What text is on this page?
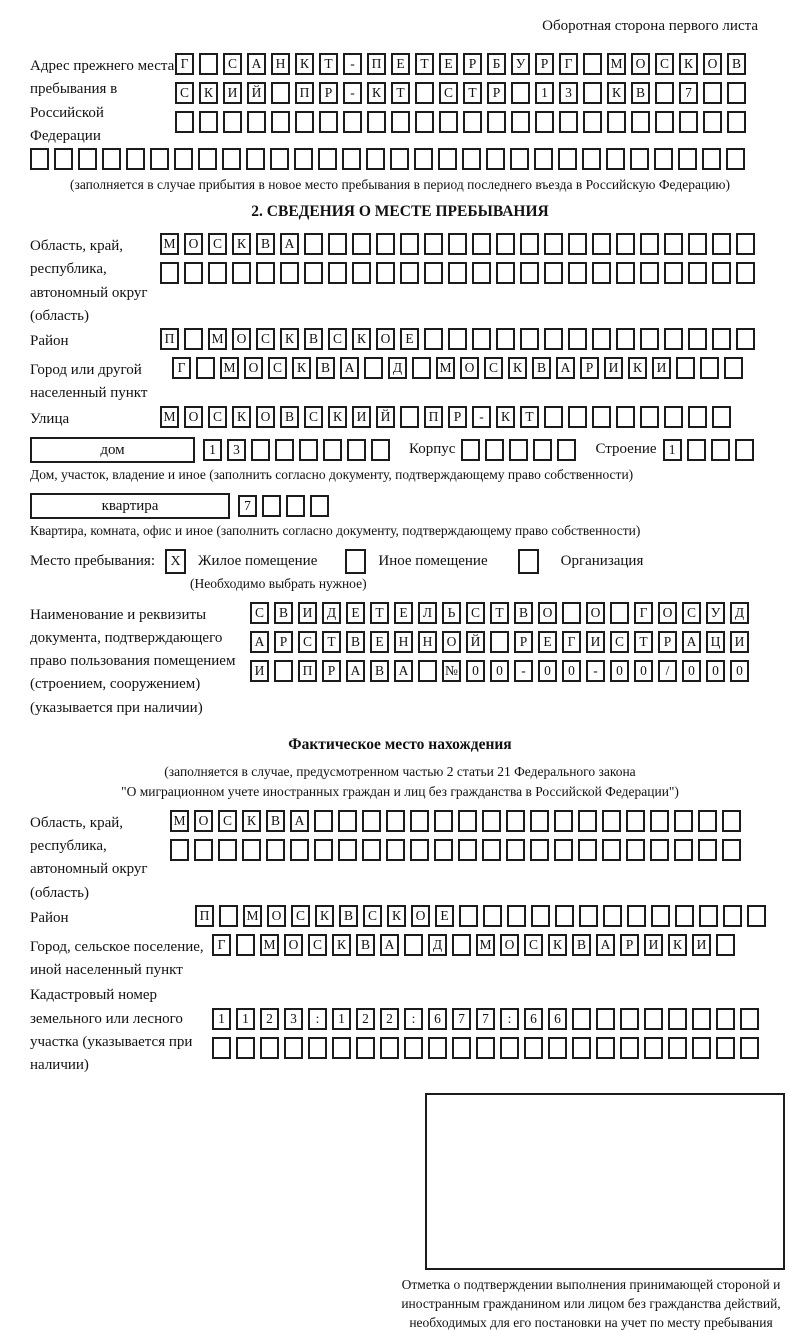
Оборотная сторона первого листа
Адрес прежнего места пребывания в Российской Федерации
Г	С А Н К Т - П Е Т Е Р Б У Р Г	М О С К О В
С К И Й	П Р - К Т	С Т Р	1 3	К В	7
(заполняется в случае прибытия в новое место пребывания в период последнего въезда в Российскую Федерацию)
2. СВЕДЕНИЯ О МЕСТЕ ПРЕБЫВАНИЯ
Область, край, республика, автономный округ (область)
М О С К В А
Район	П	М О С К В С К О Е
Город или другой населенный пункт
Г	М О С К В А	Д	М О С К В А Р И К И
Улица	М О С К О В С К И Й	П Р - К Т
дом	1 3	Корпус	Строение 1
Дом, участок, владение и иное (заполнить согласно документу, подтверждающему право собственности)
квартира	7
Квартира, комната, офис и иное (заполнить согласно документу, подтверждающему право собственности)
Место пребывания:	X	Жилое помещение	Иное помещение	Организация
(Необходимо выбрать нужное)
Наименование и реквизиты документа, подтверждающего право пользования помещением (строением, сооружением) (указывается при наличии)
С В И Д Е Т Е Л Ь С Т В О	О	Г О С У Д
А Р С Т В Е Н Н О Й	Р Е Г И С Т Р А Ц И
И	П Р А В А	№ 0 0 - 0 0 - 0 0 / 0 0 0
Фактическое место нахождения
(заполняется в случае, предусмотренном частью 2 статьи 21 Федерального закона
"О миграционном учете иностранных граждан и лиц без гражданства в Российской Федерации")
Область, край, республика, автономный округ (область)
М О С К В А
Район	П	М О С К В С К О Е
Город, сельское поселение, иной населенный пункт
Г	М О С К В А	Д	М О С К В А Р И К И
Кадастровый номер земельного или лесного участка (указывается при наличии)
1 1 2 3 : 1 2 2 : 6 7 7 : 6 6
Отметка о подтверждении выполнения принимающей стороной и иностранным гражданином или лицом без гражданства действий, необходимых для его постановки на учет по месту пребывания
